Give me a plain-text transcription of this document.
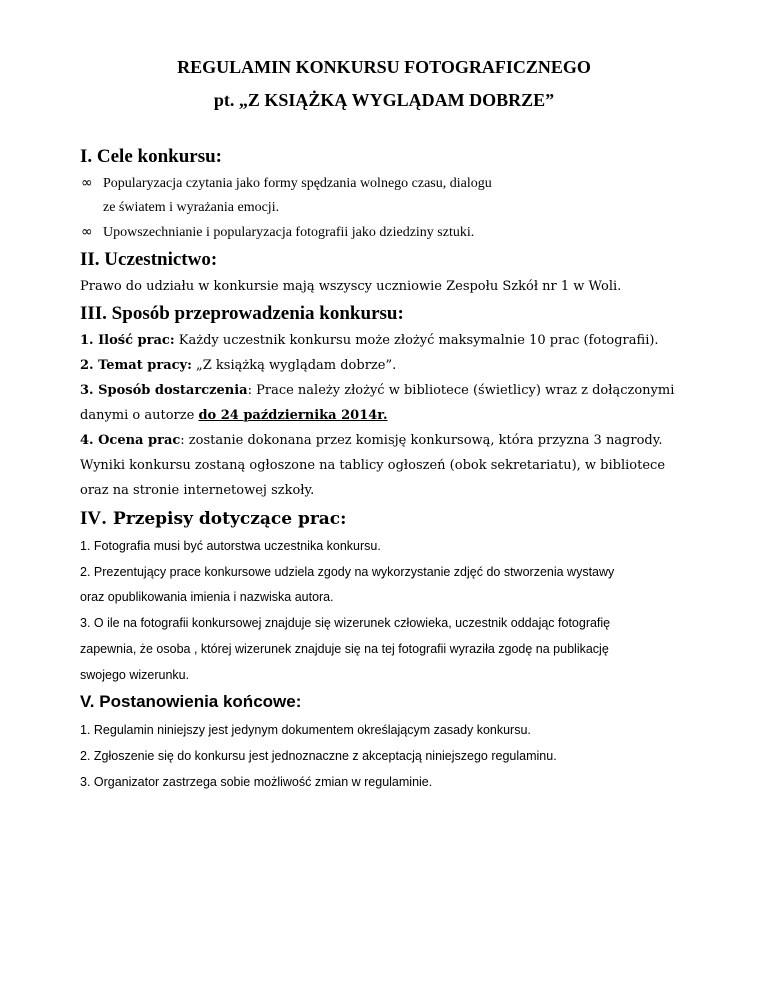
REGULAMIN KONKURSU FOTOGRAFICZNEGO
pt. „Z KSIĄŻKĄ WYGLĄDAM DOBRZE”
I. Cele konkursu:
∞ Popularyzacja czytania jako formy spędzania wolnego czasu, dialogu
ze światem i wyrażania emocji.
∞ Upowszechnianie i popularyzacja fotografii jako dziedziny sztuki.
II. Uczestnictwo:
Prawo do udziału w konkursie mają wszyscy uczniowie Zespołu Szkół nr 1 w Woli.
III. Sposób przeprowadzenia konkursu:
1. Ilość prac: Każdy uczestnik konkursu może złożyć maksymalnie 10 prac (fotografii).
2. Temat pracy: „Z książką wyglądam dobrze”.
3. Sposób dostarczenia: Prace należy złożyć w bibliotece (świetlicy) wraz z dołączonymi
danymi o autorze do 24 października 2014r.
4. Ocena prac: zostanie dokonana przez komisję konkursową, która przyzna 3 nagrody.
Wyniki konkursu zostaną ogłoszone na tablicy ogłoszeń (obok sekretariatu), w bibliotece
oraz na stronie internetowej szkoły.
IV. Przepisy dotyczące prac:
1. Fotografia musi być autorstwa uczestnika konkursu.
2. Prezentujący prace konkursowe udziela zgody na wykorzystanie zdjęć do stworzenia wystawy
oraz opublikowania imienia i nazwiska autora.
3. O ile na fotografii konkursowej znajduje się wizerunek człowieka, uczestnik oddając fotografię
zapewnia, że osoba , której wizerunek znajduje się na tej fotografii wyraziła zgodę na publikację
swojego wizerunku.
V. Postanowienia końcowe:
1. Regulamin niniejszy jest jedynym dokumentem określającym zasady konkursu.
2. Zgłoszenie się do konkursu jest jednoznaczne z akceptacją niniejszego regulaminu.
3. Organizator zastrzega sobie możliwość zmian w regulaminie.
